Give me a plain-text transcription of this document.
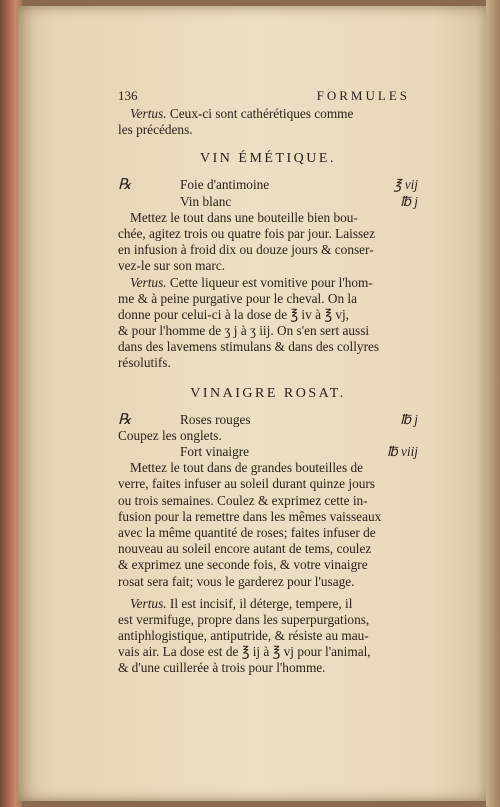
136	FORMULES
Vertus. Ceux-ci sont cathérétiques comme
les précédens.
VIN ÉMÉTIQUE.
℞	Foie d'antimoine	℥ vij
Vin blanc	℔ j
Mettez le tout dans une bouteille bien bou-
chée, agitez trois ou quatre fois par jour. Laissez
en infusion à froid dix ou douze jours & conser-
vez-le sur son marc.
Vertus. Cette liqueur est vomitive pour l'hom-
me & à peine purgative pour le cheval. On la
donne pour celui-ci à la dose de ℥ iv à ℥ vj,
& pour l'homme de ʒ j à ʒ iij. On s'en sert aussi
dans des lavemens stimulans & dans des collyres
résolutifs.
VINAIGRE ROSAT.
℞	Roses rouges	℔ j
Coupez les onglets.
Fort vinaigre	℔ viij
Mettez le tout dans de grandes bouteilles de
verre, faites infuser au soleil durant quinze jours
ou trois semaines. Coulez & exprimez cette in-
fusion pour la remettre dans les mêmes vaisseaux
avec la même quantité de roses; faites infuser de
nouveau au soleil encore autant de tems, coulez
& exprimez une seconde fois, & votre vinaigre
rosat sera fait; vous le garderez pour l'usage.
Vertus. Il est incisif, il déterge, tempere, il
est vermifuge, propre dans les superpurgations,
antiphlogistique, antiputride, & résiste au mau-
vais air. La dose est de ℥ ij à ℥ vj pour l'animal,
& d'une cuillerée à trois pour l'homme.
